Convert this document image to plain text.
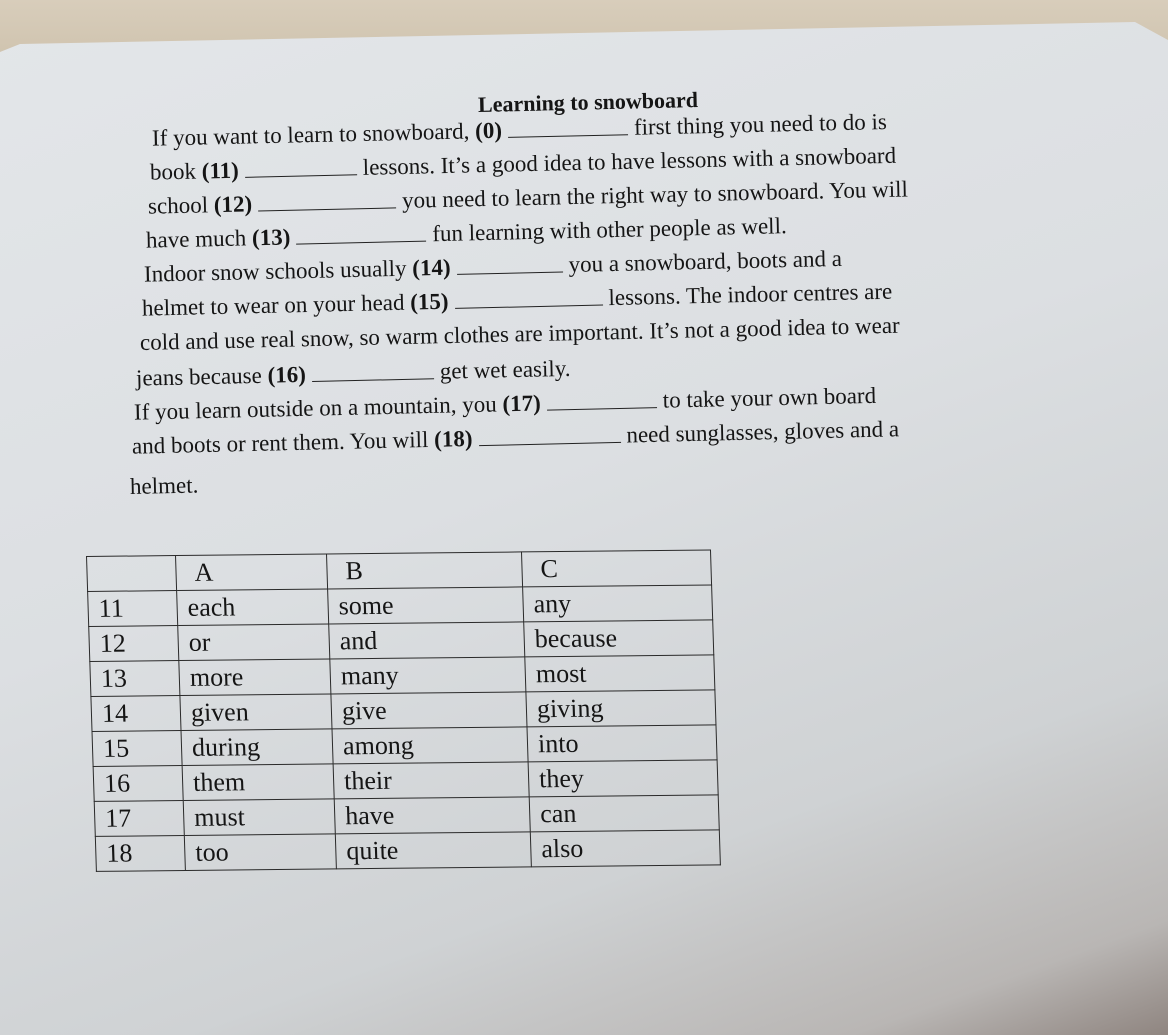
Learning to snowboard
If you want to learn to snowboard, (0)	first thing you need to do is
book (11)	lessons. It’s a good idea to have lessons with a snowboard
school (12)	you need to learn the right way to snowboard. You will
have much (13)	fun learning with other people as well.
Indoor snow schools usually (14)	you a snowboard, boots and a
helmet to wear on your head (15)	lessons. The indoor centres are
cold and use real snow, so warm clothes are important. It’s not a good idea to wear
jeans because (16)	get wet easily.
If you learn outside on a mountain, you (17)	to take your own board
and boots or rent them. You will (18)	need sunglasses, gloves and a
helmet.
	A	B	C
11	each	some	any
12	or	and	because
13	more	many	most
14	given	give	giving
15	during	among	into
16	them	their	they
17	must	have	can
18	too	quite	also
